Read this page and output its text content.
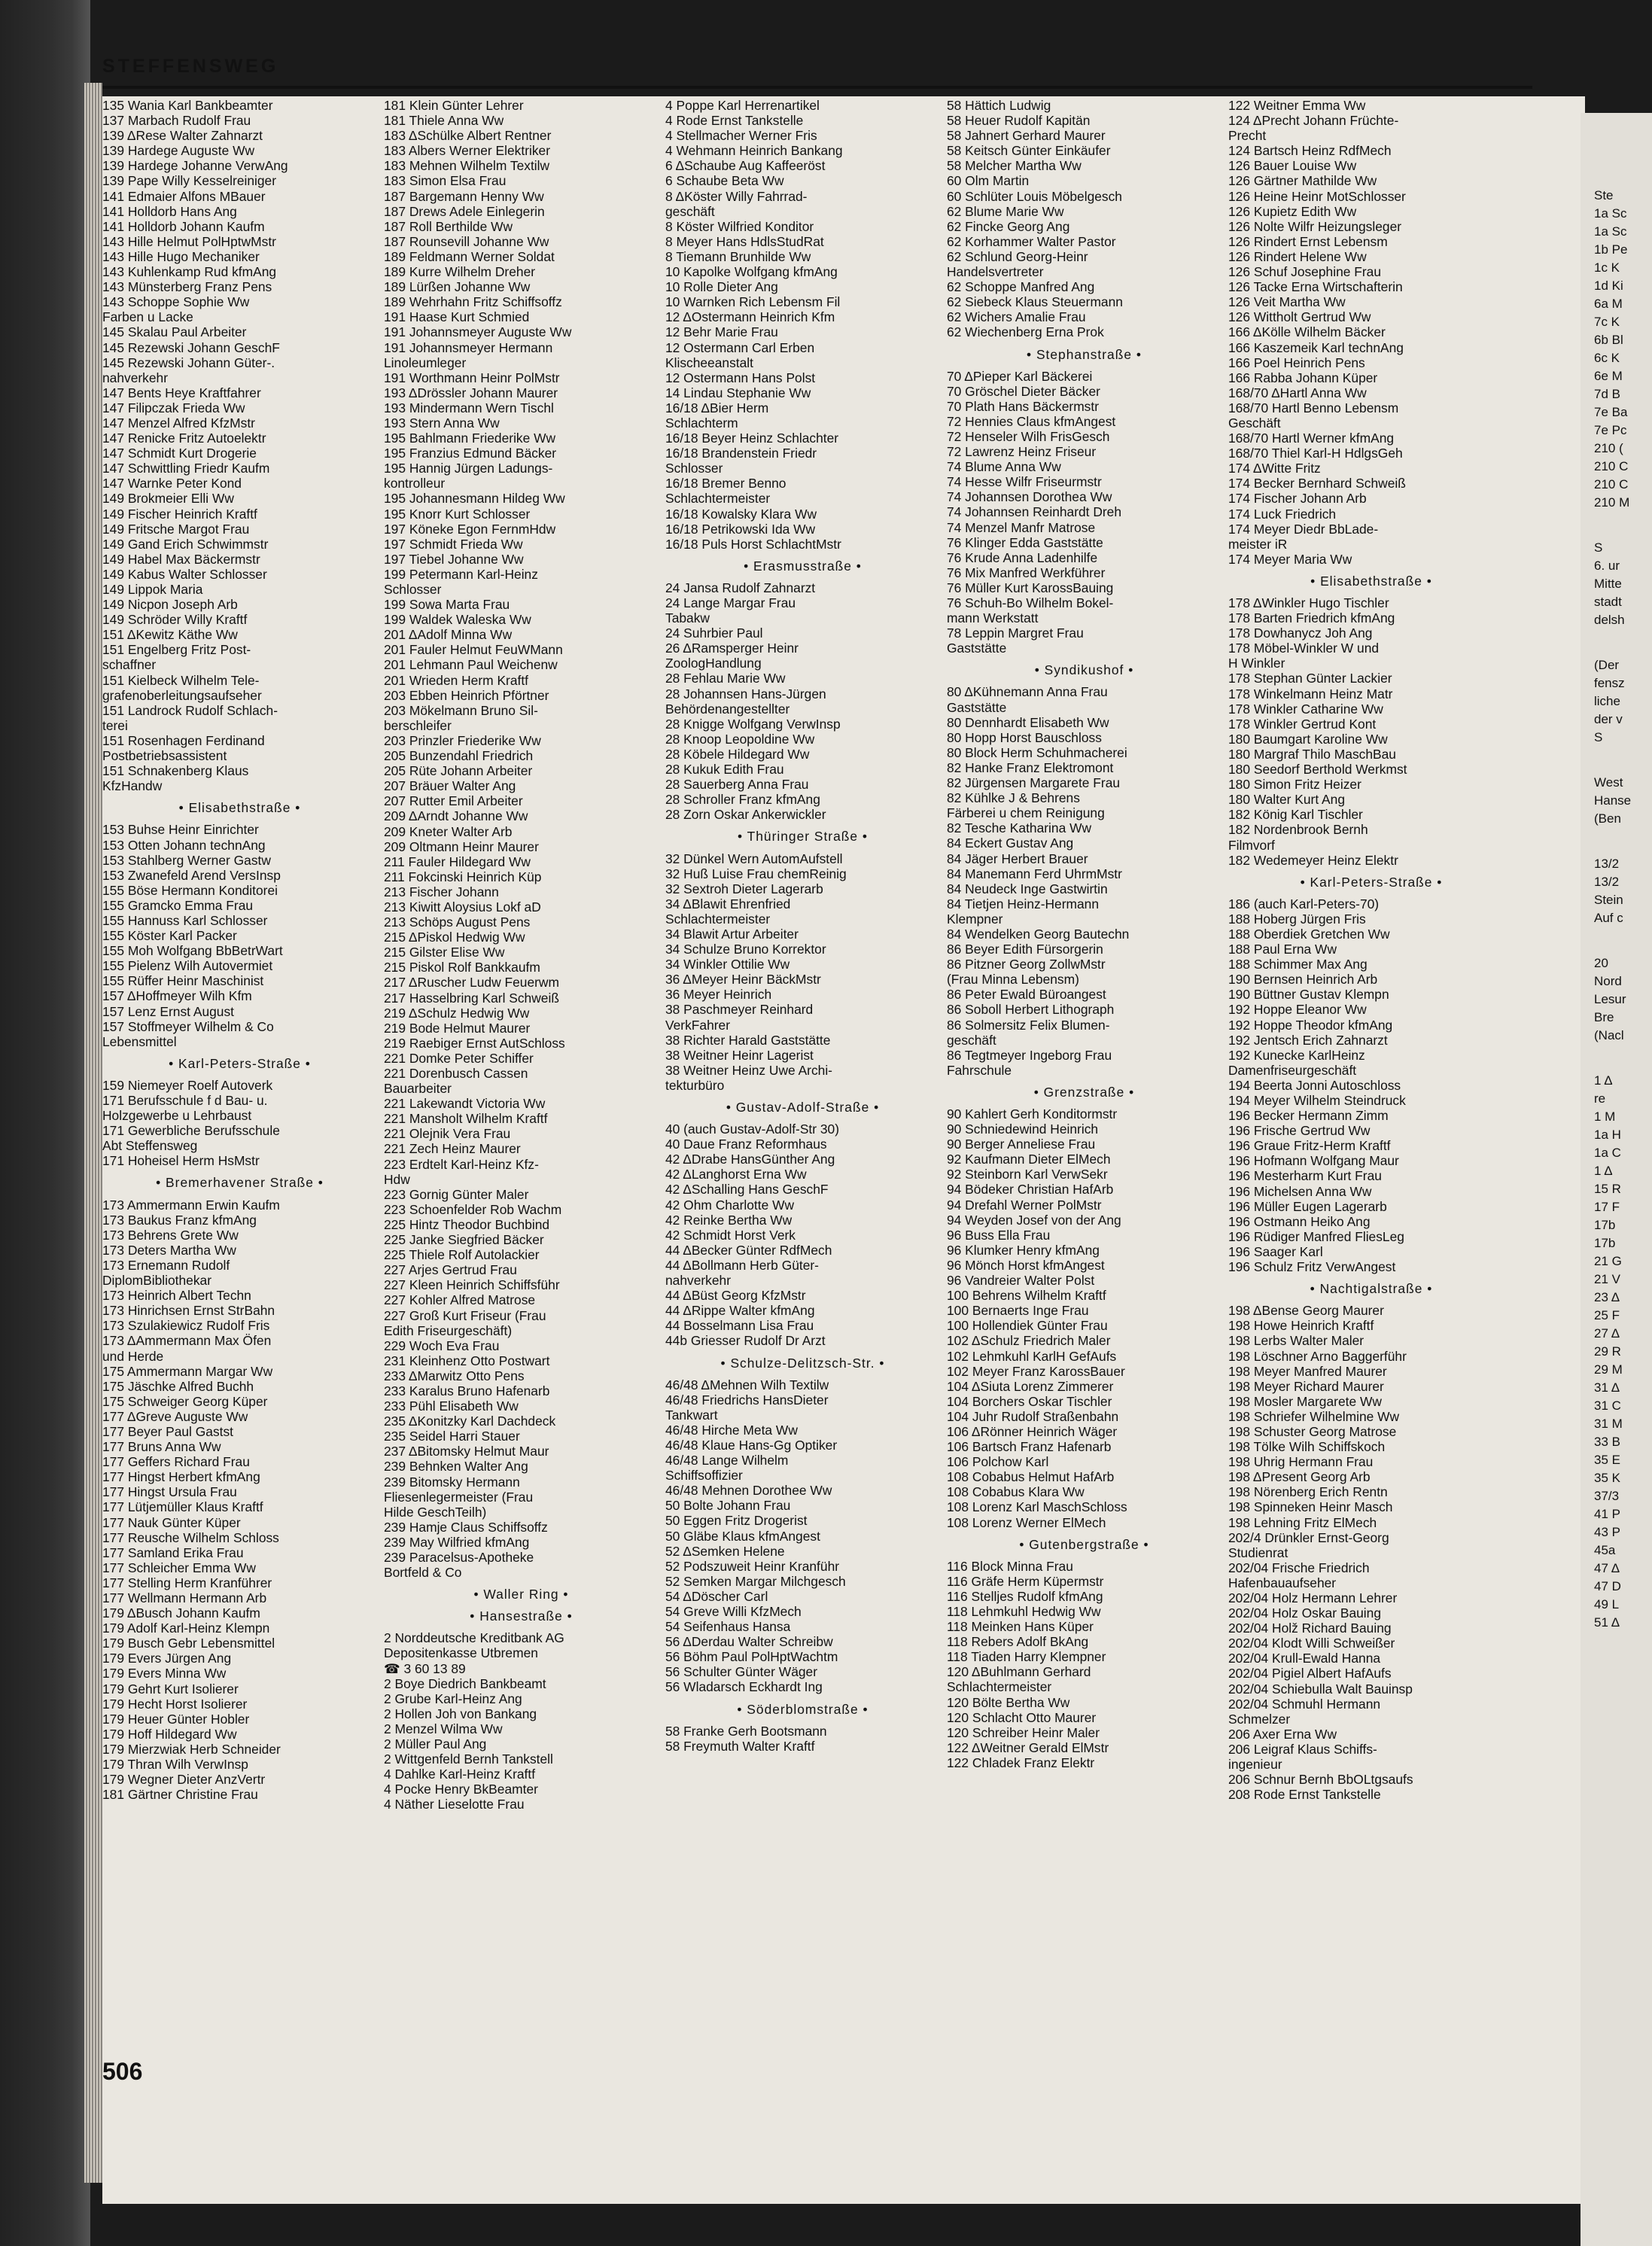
STEFFENSWEG
135 Wania Karl Bankbeamter
137 Marbach Rudolf Frau
139 ΔRese Walter Zahnarzt
139 Hardege Auguste Ww
139 Hardege Johanne VerwAng
139 Pape Willy Kesselreiniger
141 Edmaier Alfons MBauer
141 Holldorb Hans Ang
141 Holldorb Johann Kaufm
143 Hille Helmut PolHptwMstr
143 Hille Hugo Mechaniker
143 Kuhlenkamp Rud kfmAng
143 Münsterberg Franz Pens
143 Schoppe Sophie Ww
Farben u Lacke
145 Skalau Paul Arbeiter
145 Rezewski Johann GeschF
145 Rezewski Johann Güter-.
nahverkehr
147 Bents Heye Kraftfahrer
147 Filipczak Frieda Ww
147 Menzel Alfred KfzMstr
147 Renicke Fritz Autoelektr
147 Schmidt Kurt Drogerie
147 Schwittling Friedr Kaufm
147 Warnke Peter Kond
149 Brokmeier Elli Ww
149 Fischer Heinrich Kraftf
149 Fritsche Margot Frau
149 Gand Erich Schwimmstr
149 Habel Max Bäckermstr
149 Kabus Walter Schlosser
149 Lippok Maria
149 Nicpon Joseph Arb
149 Schröder Willy Kraftf
151 ΔKewitz Käthe Ww
151 Engelberg Fritz Post-
schaffner
151 Kielbeck Wilhelm Tele-
grafenoberleitungsaufseher
151 Landrock Rudolf Schlach-
terei
151 Rosenhagen Ferdinand
Postbetriebsassistent
151 Schnakenberg Klaus
KfzHandw
• Elisabethstraße •
153 Buhse Heinr Einrichter
153 Otten Johann technAng
153 Stahlberg Werner Gastw
153 Zwanefeld Arend VersInsp
155 Böse Hermann Konditorei
155 Gramcko Emma Frau
155 Hannuss Karl Schlosser
155 Köster Karl Packer
155 Moh Wolfgang BbBetrWart
155 Pielenz Wilh Autovermiet
155 Rüffer Heinr Maschinist
157 ΔHoffmeyer Wilh Kfm
157 Lenz Ernst August
157 Stoffmeyer Wilhelm & Co
Lebensmittel
• Karl-Peters-Straße •
159 Niemeyer Roelf Autoverk
171 Berufsschule f d Bau- u.
Holzgewerbe u Lehrbaust
171 Gewerbliche Berufsschule
Abt Steffensweg
171 Hoheisel Herm HsMstr
• Bremerhavener Straße •
173 Ammermann Erwin Kaufm
173 Baukus Franz kfmAng
173 Behrens Grete Ww
173 Deters Martha Ww
173 Ernemann Rudolf
DiplomBibliothekar
173 Heinrich Albert Techn
173 Hinrichsen Ernst StrBahn
173 Szulakiewicz Rudolf Fris
173 ΔAmmermann Max Öfen
und Herde
175 Ammermann Margar Ww
175 Jäschke Alfred Buchh
175 Schweiger Georg Küper
177 ΔGreve Auguste Ww
177 Beyer Paul Gastst
177 Bruns Anna Ww
177 Geffers Richard Frau
177 Hingst Herbert kfmAng
177 Hingst Ursula Frau
177 Lütjemüller Klaus Kraftf
177 Nauk Günter Küper
177 Reusche Wilhelm Schloss
177 Samland Erika Frau
177 Schleicher Emma Ww
177 Stelling Herm Kranführer
177 Wellmann Hermann Arb
179 ΔBusch Johann Kaufm
179 Adolf Karl-Heinz Klempn
179 Busch Gebr Lebensmittel
179 Evers Jürgen Ang
179 Evers Minna Ww
179 Gehrt Kurt Isolierer
179 Hecht Horst Isolierer
179 Heuer Günter Hobler
179 Hoff Hildegard Ww
179 Mierzwiak Herb Schneider
179 Thran Wilh VerwInsp
179 Wegner Dieter AnzVertr
181 Gärtner Christine Frau
181 Klein Günter Lehrer
181 Thiele Anna Ww
183 ΔSchülke Albert Rentner
183 Albers Werner Elektriker
183 Mehnen Wilhelm Textilw
183 Simon Elsa Frau
187 Bargemann Henny Ww
187 Drews Adele Einlegerin
187 Roll Berthilde Ww
187 Rounsevill Johanne Ww
189 Feldmann Werner Soldat
189 Kurre Wilhelm Dreher
189 Lürßen Johanne Ww
189 Wehrhahn Fritz Schiffsoffz
191 Haase Kurt Schmied
191 Johannsmeyer Auguste Ww
191 Johannsmeyer Hermann
Linoleumleger
191 Worthmann Heinr PolMstr
193 ΔDrössler Johann Maurer
193 Mindermann Wern Tischl
193 Stern Anna Ww
195 Bahlmann Friederike Ww
195 Franzius Edmund Bäcker
195 Hannig Jürgen Ladungs-
kontrolleur
195 Johannesmann Hildeg Ww
195 Knorr Kurt Schlosser
197 Köneke Egon FernmHdw
197 Schmidt Frieda Ww
197 Tiebel Johanne Ww
199 Petermann Karl-Heinz
Schlosser
199 Sowa Marta Frau
199 Waldek Waleska Ww
201 ΔAdolf Minna Ww
201 Fauler Helmut FeuWMann
201 Lehmann Paul Weichenw
201 Wrieden Herm Kraftf
203 Ebben Heinrich Pförtner
203 Mökelmann Bruno Sil-
berschleifer
203 Prinzler Friederike Ww
205 Bunzendahl Friedrich
205 Rüte Johann Arbeiter
207 Bräuer Walter Ang
207 Rutter Emil Arbeiter
209 ΔArndt Johanne Ww
209 Kneter Walter Arb
209 Oltmann Heinr Maurer
211 Fauler Hildegard Ww
211 Fokcinski Heinrich Küp
213 Fischer Johann
213 Kiwitt Aloysius Lokf aD
213 Schöps August Pens
215 ΔPiskol Hedwig Ww
215 Gilster Elise Ww
215 Piskol Rolf Bankkaufm
217 ΔRuscher Ludw Feuerwm
217 Hasselbring Karl Schweiß
219 ΔSchulz Hedwig Ww
219 Bode Helmut Maurer
219 Raebiger Ernst AutSchloss
221 Domke Peter Schiffer
221 Dorenbusch Cassen
Bauarbeiter
221 Lakewandt Victoria Ww
221 Mansholt Wilhelm Kraftf
221 Olejnik Vera Frau
221 Zech Heinz Maurer
223 Erdtelt Karl-Heinz Kfz-
Hdw
223 Gornig Günter Maler
223 Schoenfelder Rob Wachm
225 Hintz Theodor Buchbind
225 Janke Siegfried Bäcker
225 Thiele Rolf Autolackier
227 Arjes Gertrud Frau
227 Kleen Heinrich Schiffsführ
227 Kohler Alfred Matrose
227 Groß Kurt Friseur (Frau
Edith Friseurgeschäft)
229 Woch Eva Frau
231 Kleinhenz Otto Postwart
233 ΔMarwitz Otto Pens
233 Karalus Bruno Hafenarb
233 Pühl Elisabeth Ww
235 ΔKonitzky Karl Dachdeck
235 Seidel Harri Stauer
237 ΔBitomsky Helmut Maur
239 Behnken Walter Ang
239 Bitomsky Hermann
Fliesenlegermeister (Frau
Hilde GeschTeilh)
239 Hamje Claus Schiffsoffz
239 May Wilfried kfmAng
239 Paracelsus-Apotheke
Bortfeld & Co
• Waller Ring •
• Hansestraße •
2 Norddeutsche Kreditbank AG
Depositenkasse Utbremen
☎ 3 60 13 89
2 Boye Diedrich Bankbeamt
2 Grube Karl-Heinz Ang
2 Hollen Joh von Bankang
2 Menzel Wilma Ww
2 Müller Paul Ang
2 Wittgenfeld Bernh Tankstell
4 Dahlke Karl-Heinz Kraftf
4 Pocke Henry BkBeamter
4 Näther Lieselotte Frau
4 Poppe Karl Herrenartikel
4 Rode Ernst Tankstelle
4 Stellmacher Werner Fris
4 Wehmann Heinrich Bankang
6 ΔSchaube Aug Kaffeeröst
6 Schaube Beta Ww
8 ΔKöster Willy Fahrrad-
geschäft
8 Köster Wilfried Konditor
8 Meyer Hans HdlsStudRat
8 Tiemann Brunhilde Ww
10 Kapolke Wolfgang kfmAng
10 Rolle Dieter Ang
10 Warnken Rich Lebensm Fil
12 ΔOstermann Heinrich Kfm
12 Behr Marie Frau
12 Ostermann Carl Erben
Klischeeanstalt
12 Ostermann Hans Polst
14 Lindau Stephanie Ww
16/18 ΔBier Herm
Schlachterm
16/18 Beyer Heinz Schlachter
16/18 Brandenstein Friedr
Schlosser
16/18 Bremer Benno
Schlachtermeister
16/18 Kowalsky Klara Ww
16/18 Petrikowski Ida Ww
16/18 Puls Horst SchlachtMstr
• Erasmusstraße •
24 Jansa Rudolf Zahnarzt
24 Lange Margar Frau
Tabakw
24 Suhrbier Paul
26 ΔRamsperger Heinr
ZoologHandlung
28 Fehlau Marie Ww
28 Johannsen Hans-Jürgen
Behördenangestellter
28 Knigge Wolfgang VerwInsp
28 Knoop Leopoldine Ww
28 Köbele Hildegard Ww
28 Kukuk Edith Frau
28 Sauerberg Anna Frau
28 Schroller Franz kfmAng
28 Zorn Oskar Ankerwickler
• Thüringer Straße •
32 Dünkel Wern AutomAufstell
32 Huß Luise Frau chemReinig
32 Sextroh Dieter Lagerarb
34 ΔBlawit Ehrenfried
Schlachtermeister
34 Blawit Artur Arbeiter
34 Schulze Bruno Korrektor
34 Winkler Ottilie Ww
36 ΔMeyer Heinr BäckMstr
36 Meyer Heinrich
38 Paschmeyer Reinhard
VerkFahrer
38 Richter Harald Gaststätte
38 Weitner Heinr Lagerist
38 Weitner Heinz Uwe Archi-
tekturbüro
• Gustav-Adolf-Straße •
40 (auch Gustav-Adolf-Str 30)
40 Daue Franz Reformhaus
42 ΔDrabe HansGünther Ang
42 ΔLanghorst Erna Ww
42 ΔSchalling Hans GeschF
42 Ohm Charlotte Ww
42 Reinke Bertha Ww
42 Schmidt Horst Verk
44 ΔBecker Günter RdfMech
44 ΔBollmann Herb Güter-
nahverkehr
44 ΔBüst Georg KfzMstr
44 ΔRippe Walter kfmAng
44 Bosselmann Lisa Frau
44b Griesser Rudolf Dr Arzt
• Schulze-Delitzsch-Str. •
46/48 ΔMehnen Wilh Textilw
46/48 Friedrichs HansDieter
Tankwart
46/48 Hirche Meta Ww
46/48 Klaue Hans-Gg Optiker
46/48 Lange Wilhelm
Schiffsoffizier
46/48 Mehnen Dorothee Ww
50 Bolte Johann Frau
50 Eggen Fritz Drogerist
50 Gläbe Klaus kfmAngest
52 ΔSemken Helene
52 Podszuweit Heinr Kranführ
52 Semken Margar Milchgesch
54 ΔDöscher Carl
54 Greve Willi KfzMech
54 Seifenhaus Hansa
56 ΔDerdau Walter Schreibw
56 Böhm Paul PolHptWachtm
56 Schulter Günter Wäger
56 Wladarsch Eckhardt Ing
• Söderblomstraße •
58 Franke Gerh Bootsmann
58 Freymuth Walter Kraftf
58 Hättich Ludwig
58 Heuer Rudolf Kapitän
58 Jahnert Gerhard Maurer
58 Keitsch Günter Einkäufer
58 Melcher Martha Ww
60 Olm Martin
60 Schlüter Louis Möbelgesch
62 Blume Marie Ww
62 Fincke Georg Ang
62 Korhammer Walter Pastor
62 Schlund Georg-Heinr
Handelsvertreter
62 Schoppe Manfred Ang
62 Siebeck Klaus Steuermann
62 Wichers Amalie Frau
62 Wiechenberg Erna Prok
• Stephanstraße •
70 ΔPieper Karl Bäckerei
70 Gröschel Dieter Bäcker
70 Plath Hans Bäckermstr
72 Hennies Claus kfmAngest
72 Henseler Wilh FrisGesch
72 Lawrenz Heinz Friseur
74 Blume Anna Ww
74 Hesse Wilfr Friseurmstr
74 Johannsen Dorothea Ww
74 Johannsen Reinhardt Dreh
74 Menzel Manfr Matrose
76 Klinger Edda Gaststätte
76 Krude Anna Ladenhilfe
76 Mix Manfred Werkführer
76 Müller Kurt KarossBauing
76 Schuh-Bo Wilhelm Bokel-
mann Werkstatt
78 Leppin Margret Frau
Gaststätte
• Syndikushof •
80 ΔKühnemann Anna Frau
Gaststätte
80 Dennhardt Elisabeth Ww
80 Hopp Horst Bauschloss
80 Block Herm Schuhmacherei
82 Hanke Franz Elektromont
82 Jürgensen Margarete Frau
82 Kühlke J & Behrens
Färberei u chem Reinigung
82 Tesche Katharina Ww
84 Eckert Gustav Ang
84 Jäger Herbert Brauer
84 Manemann Ferd UhrmMstr
84 Neudeck Inge Gastwirtin
84 Tietjen Heinz-Hermann
Klempner
84 Wendelken Georg Bautechn
86 Beyer Edith Fürsorgerin
86 Pitzner Georg ZollwMstr
(Frau Minna Lebensm)
86 Peter Ewald Büroangest
86 Soboll Herbert Lithograph
86 Solmersitz Felix Blumen-
geschäft
86 Tegtmeyer Ingeborg Frau
Fahrschule
• Grenzstraße •
90 Kahlert Gerh Konditormstr
90 Schniedewind Heinrich
90 Berger Anneliese Frau
92 Kaufmann Dieter ElMech
92 Steinborn Karl VerwSekr
94 Bödeker Christian HafArb
94 Drefahl Werner PolMstr
94 Weyden Josef von der Ang
96 Buss Ella Frau
96 Klumker Henry kfmAng
96 Mönch Horst kfmAngest
96 Vandreier Walter Polst
100 Behrens Wilhelm Kraftf
100 Bernaerts Inge Frau
100 Hollendiek Günter Frau
102 ΔSchulz Friedrich Maler
102 Lehmkuhl KarlH GefAufs
102 Meyer Franz KarossBauer
104 ΔSiuta Lorenz Zimmerer
104 Borchers Oskar Tischler
104 Juhr Rudolf Straßenbahn
106 ΔRönner Heinrich Wäger
106 Bartsch Franz Hafenarb
106 Polchow Karl
108 Cobabus Helmut HafArb
108 Cobabus Klara Ww
108 Lorenz Karl MaschSchloss
108 Lorenz Werner ElMech
• Gutenbergstraße •
116 Block Minna Frau
116 Gräfe Herm Küpermstr
116 Stelljes Rudolf kfmAng
118 Lehmkuhl Hedwig Ww
118 Meinken Hans Küper
118 Rebers Adolf BkAng
118 Tiaden Harry Klempner
120 ΔBuhlmann Gerhard
Schlachtermeister
120 Bölte Bertha Ww
120 Schlacht Otto Maurer
120 Schreiber Heinr Maler
122 ΔWeitner Gerald ElMstr
122 Chladek Franz Elektr
122 Weitner Emma Ww
124 ΔPrecht Johann Früchte-
Precht
124 Bartsch Heinz RdfMech
126 Bauer Louise Ww
126 Gärtner Mathilde Ww
126 Heine Heinr MotSchlosser
126 Kupietz Edith Ww
126 Nolte Wilfr Heizungsleger
126 Rindert Ernst Lebensm
126 Rindert Helene Ww
126 Schuf Josephine Frau
126 Tacke Erna Wirtschafterin
126 Veit Martha Ww
126 Wittholt Gertrud Ww
166 ΔKölle Wilhelm Bäcker
166 Kaszemeik Karl technAng
166 Poel Heinrich Pens
166 Rabba Johann Küper
168/70 ΔHartl Anna Ww
168/70 Hartl Benno Lebensm
Geschäft
168/70 Hartl Werner kfmAng
168/70 Thiel Karl-H HdlgsGeh
174 ΔWitte Fritz
174 Becker Bernhard Schweiß
174 Fischer Johann Arb
174 Luck Friedrich
174 Meyer Diedr BbLade-
meister iR
174 Meyer Maria Ww
• Elisabethstraße •
178 ΔWinkler Hugo Tischler
178 Barten Friedrich kfmAng
178 Dowhanycz Joh Ang
178 Möbel-Winkler W und
H Winkler
178 Stephan Günter Lackier
178 Winkelmann Heinz Matr
178 Winkler Catharine Ww
178 Winkler Gertrud Kont
180 Baumgart Karoline Ww
180 Margraf Thilo MaschBau
180 Seedorf Berthold Werkmst
180 Simon Fritz Heizer
180 Walter Kurt Ang
182 König Karl Tischler
182 Nordenbrook Bernh
Filmvorf
182 Wedemeyer Heinz Elektr
• Karl-Peters-Straße •
186 (auch Karl-Peters-70)
188 Hoberg Jürgen Fris
188 Oberdiek Gretchen Ww
188 Paul Erna Ww
188 Schimmer Max Ang
190 Bernsen Heinrich Arb
190 Büttner Gustav Klempn
192 Hoppe Eleanor Ww
192 Hoppe Theodor kfmAng
192 Jentsch Erich Zahnarzt
192 Kunecke KarlHeinz
Damenfriseurgeschäft
194 Beerta Jonni Autoschloss
194 Meyer Wilhelm Steindruck
196 Becker Hermann Zimm
196 Frische Gertrud Ww
196 Graue Fritz-Herm Kraftf
196 Hofmann Wolfgang Maur
196 Mesterharm Kurt Frau
196 Michelsen Anna Ww
196 Müller Eugen Lagerarb
196 Ostmann Heiko Ang
196 Rüdiger Manfred FliesLeg
196 Saager Karl
196 Schulz Fritz VerwAngest
• Nachtigalstraße •
198 ΔBense Georg Maurer
198 Howe Heinrich Kraftf
198 Lerbs Walter Maler
198 Löschner Arno Baggerführ
198 Meyer Manfred Maurer
198 Meyer Richard Maurer
198 Mosler Margarete Ww
198 Schriefer Wilhelmine Ww
198 Schuster Georg Matrose
198 Tölke Wilh Schiffskoch
198 Uhrig Hermann Frau
198 ΔPresent Georg Arb
198 Nörenberg Erich Rentn
198 Spinneken Heinr Masch
198 Lehning Fritz ElMech
202/4 Drünkler Ernst-Georg
Studienrat
202/04 Frische Friedrich
Hafenbauaufseher
202/04 Holz Hermann Lehrer
202/04 Holz Oskar Bauing
202/04 Holž Richard Bauing
202/04 Klodt Willi Schweißer
202/04 Krull-Ewald Hanna
202/04 Pigiel Albert HafAufs
202/04 Schiebulla Walt Bauinsp
202/04 Schmuhl Hermann
Schmelzer
206 Axer Erna Ww
206 Leigraf Klaus Schiffs-
ingenieur
206 Schnur Bernh BbOLtgsaufs
208 Rode Ernst Tankstelle
Ste
1a Sc
1a Sc
1b Pe
1c K
1d Ki
6a M
7c K
6b Bl
6c K
6e M
7d B
7e Ba
7e Pc
210 (
210 C
210 C
210 M
S
6. ur
Mitte
stadt
delsh
(Der
fensz
liche
der v
S
West
Hanse
(Ben
13/2
13/2
Stein
Auf c
20
Nord
Lesur
Bre
(Nacl
1 Δ
re
1 M
1a H
1a C
1 Δ
15 R
17 F
17b
17b
21 G
21 V
23 Δ
25 F
27 Δ
29 R
29 M
31 Δ
31 C
31 M
33 B
35 E
35 K
37/3
41 P
43 P
45a
47 Δ
47 D
49 L
51 Δ
506
